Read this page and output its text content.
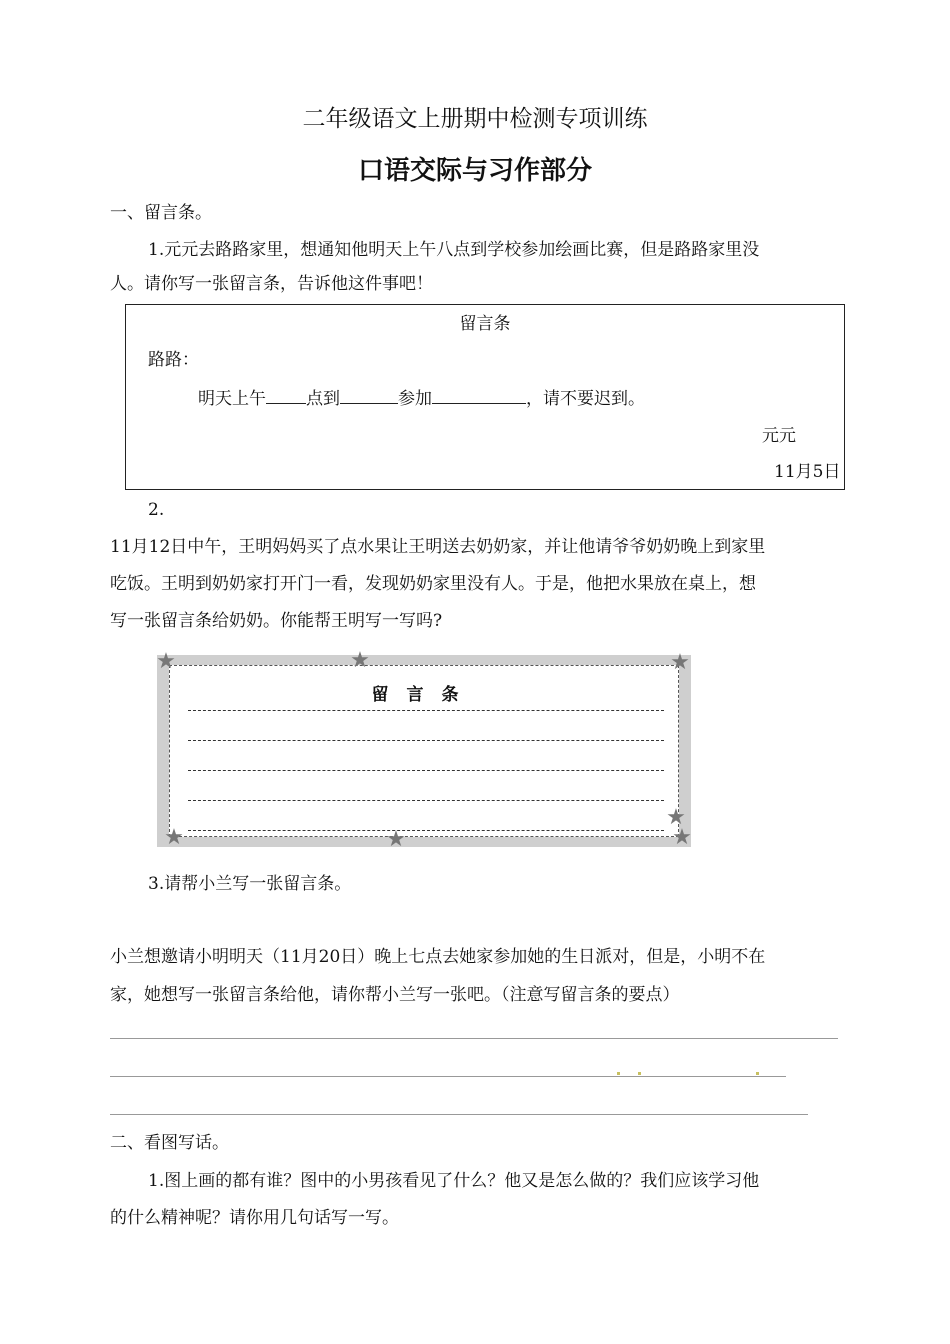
二年级语文上册期中检测专项训练
口语交际与习作部分
一、留言条。
1.元元去路路家里，想通知他明天上午八点到学校参加绘画比赛，但是路路家里没
人。请你写一张留言条，告诉他这件事吧！
留言条
路路：
明天上午 点到	参加	，请不要迟到。
元元
11月5日
2.
11月12日中午，王明妈妈买了点水果让王明送去奶奶家，并让他请爷爷奶奶晚上到家里
吃饭。王明到奶奶家打开门一看，发现奶奶家里没有人。于是，他把水果放在桌上，想
写一张留言条给奶奶。你能帮王明写一写吗?
留言条
★	★	★
★	★
★
★
3.请帮小兰写一张留言条。
小兰想邀请小明明天（11月20日）晚上七点去她家参加她的生日派对，但是，小明不在
家，她想写一张留言条给他，请你帮小兰写一张吧。（注意写留言条的要点）
二、看图写话。
1.图上画的都有谁？图中的小男孩看见了什么？他又是怎么做的？我们应该学习他
的什么精神呢？请你用几句话写一写。
